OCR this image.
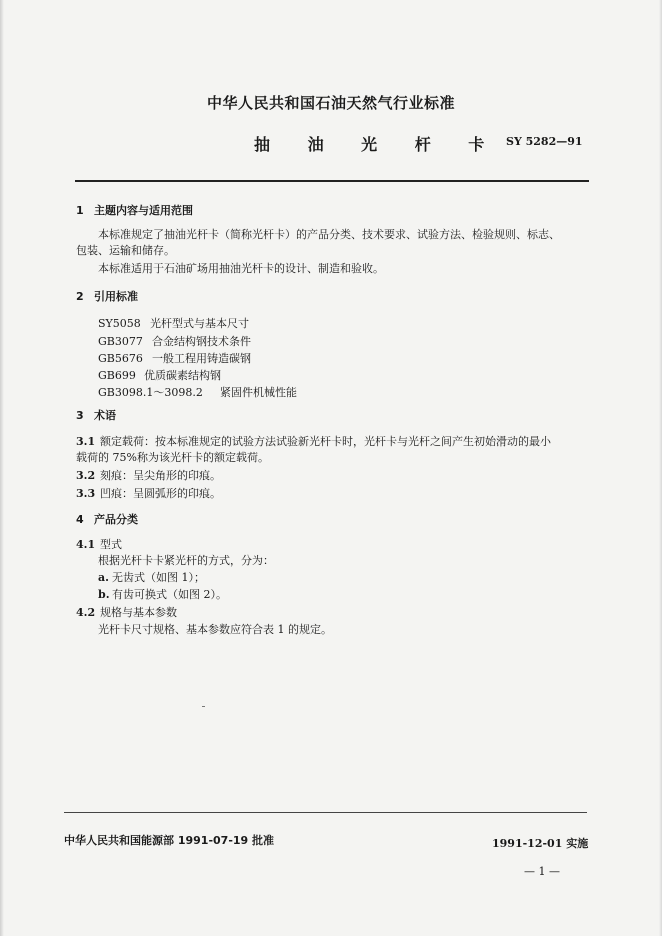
中华人民共和国石油天然气行业标准
抽 油 光 杆 卡 SY 5282—91
1 主题内容与适用范围
本标准规定了抽油光杆卡（简称光杆卡）的产品分类、技术要求、试验方法、检验规则、标志、
包装、运输和储存。
本标准适用于石油矿场用抽油光杆卡的设计、制造和验收。
2 引用标准
SY5058 光杆型式与基本尺寸
GB3077 合金结构钢技术条件
GB5676 一般工程用铸造碳钢
GB699 优质碳素结构钢
GB3098.1～3098.2 紧固件机械性能
3 术语
3.1 额定载荷：按本标准规定的试验方法试验新光杆卡时，光杆卡与光杆之间产生初始滑动的最小
载荷的 75%称为该光杆卡的额定载荷。
3.2 刻痕：呈尖角形的印痕。
3.3 凹痕：呈圆弧形的印痕。
4 产品分类
4.1 型式
根据光杆卡卡紧光杆的方式，分为：
a. 无齿式（如图 1）；
b. 有齿可换式（如图 2）。
4.2 规格与基本参数
光杆卡尺寸规格、基本参数应符合表 1 的规定。
中华人民共和国能源部 1991-07-19 批准	1991-12-01 实施
— 1 —
